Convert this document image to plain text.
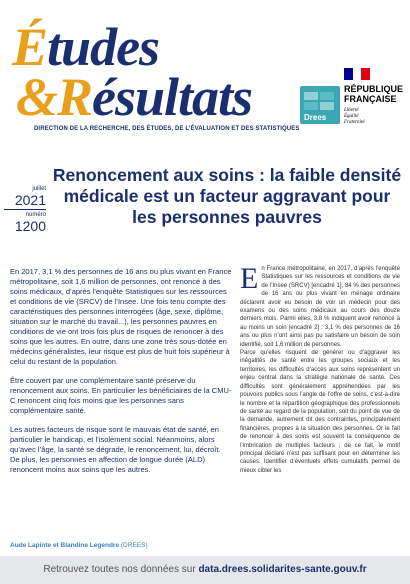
Études
&Résultats
DIRECTION DE LA RECHERCHE, DES ÉTUDES, DE L’ÉVALUATION ET DES STATISTIQUES
RÉPUBLIQUE
FRANÇAISE
Liberté
Égalité
Fraternité
Drees
juillet
2021
numéro
1200
Renoncement aux soins : la faible densité médicale est un facteur aggravant pour les personnes pauvres

En 2017, 3,1 % des personnes de 16 ans ou plus vivant en France métropolitaine, soit 1,6 million de personnes, ont renoncé à des soins médicaux, d’après l’enquête Statistiques sur les ressources et conditions de vie (SRCV) de l’Insee. Une fois tenu compte des caractéristiques des personnes interrogées (âge, sexe, diplôme, situation sur le marché du travail...), les personnes pauvres en conditions de vie ont trois fois plus de risques de renoncer à des soins que les autres. En outre, dans une zone très sous-dotée en médecins généralistes, leur risque est plus de huit fois supérieur à celui du restant de la population.

Être couvert par une complémentaire santé préserve du renoncement aux soins. En particulier les bénéficiaires de la CMU-C renoncent cinq fois moins que les personnes sans complémentaire santé.

Les autres facteurs de risque sont le mauvais état de santé, en particulier le handicap, et l’isolement social. Néanmoins, alors qu’avec l’âge, la santé se dégrade, le renoncement, lui, décroît. De plus, les personnes en affection de longue durée (ALD) renoncent moins aux soins que les autres.

En France métropolitaine, en 2017, d’après l’enquête Statistiques sur les ressources et conditions de vie de l’Insee (SRCV) [encadré 1], 84 % des personnes de 16 ans ou plus vivant en ménage ordinaire déclarent avoir eu besoin de voir un médecin pour des examens ou des soins médicaux au cours des douze derniers mois. Parmi elles, 3,8 % indiquent avoir renoncé à au moins un soin [encadré 2] : 3,1 % des personnes de 16 ans ou plus n’ont ainsi pas pu satisfaire un besoin de soin identifié, soit 1,6 million de personnes.

Parce qu’elles risquent de générer ou d’aggraver les inégalités de santé entre les groupes sociaux et les territoires, les difficultés d’accès aux soins représentent un enjeu central dans la stratégie nationale de santé. Ces difficultés sont généralement appréhendées par les pouvoirs publics sous l’angle de l’offre de soins, c’est-à-dire le nombre et la répartition géographique des professionnels de santé au regard de la population, soit du point de vue de la demande, autrement dit des contraintes, principalement financières, propres à la situation des personnes. Or le fait de renoncer à des soins est souvent la conséquence de l’imbrication de multiples facteurs ; de ce fait, le motif principal déclaré n’est pas suffisant pour en déterminer les causes. Identifier d’éventuels effets cumulatifs permet de mieux cibler les

Aude Lapinte et Blandine Legendre (DREES)
Retrouvez toutes nos données sur data.drees.solidarites-sante.gouv.fr
